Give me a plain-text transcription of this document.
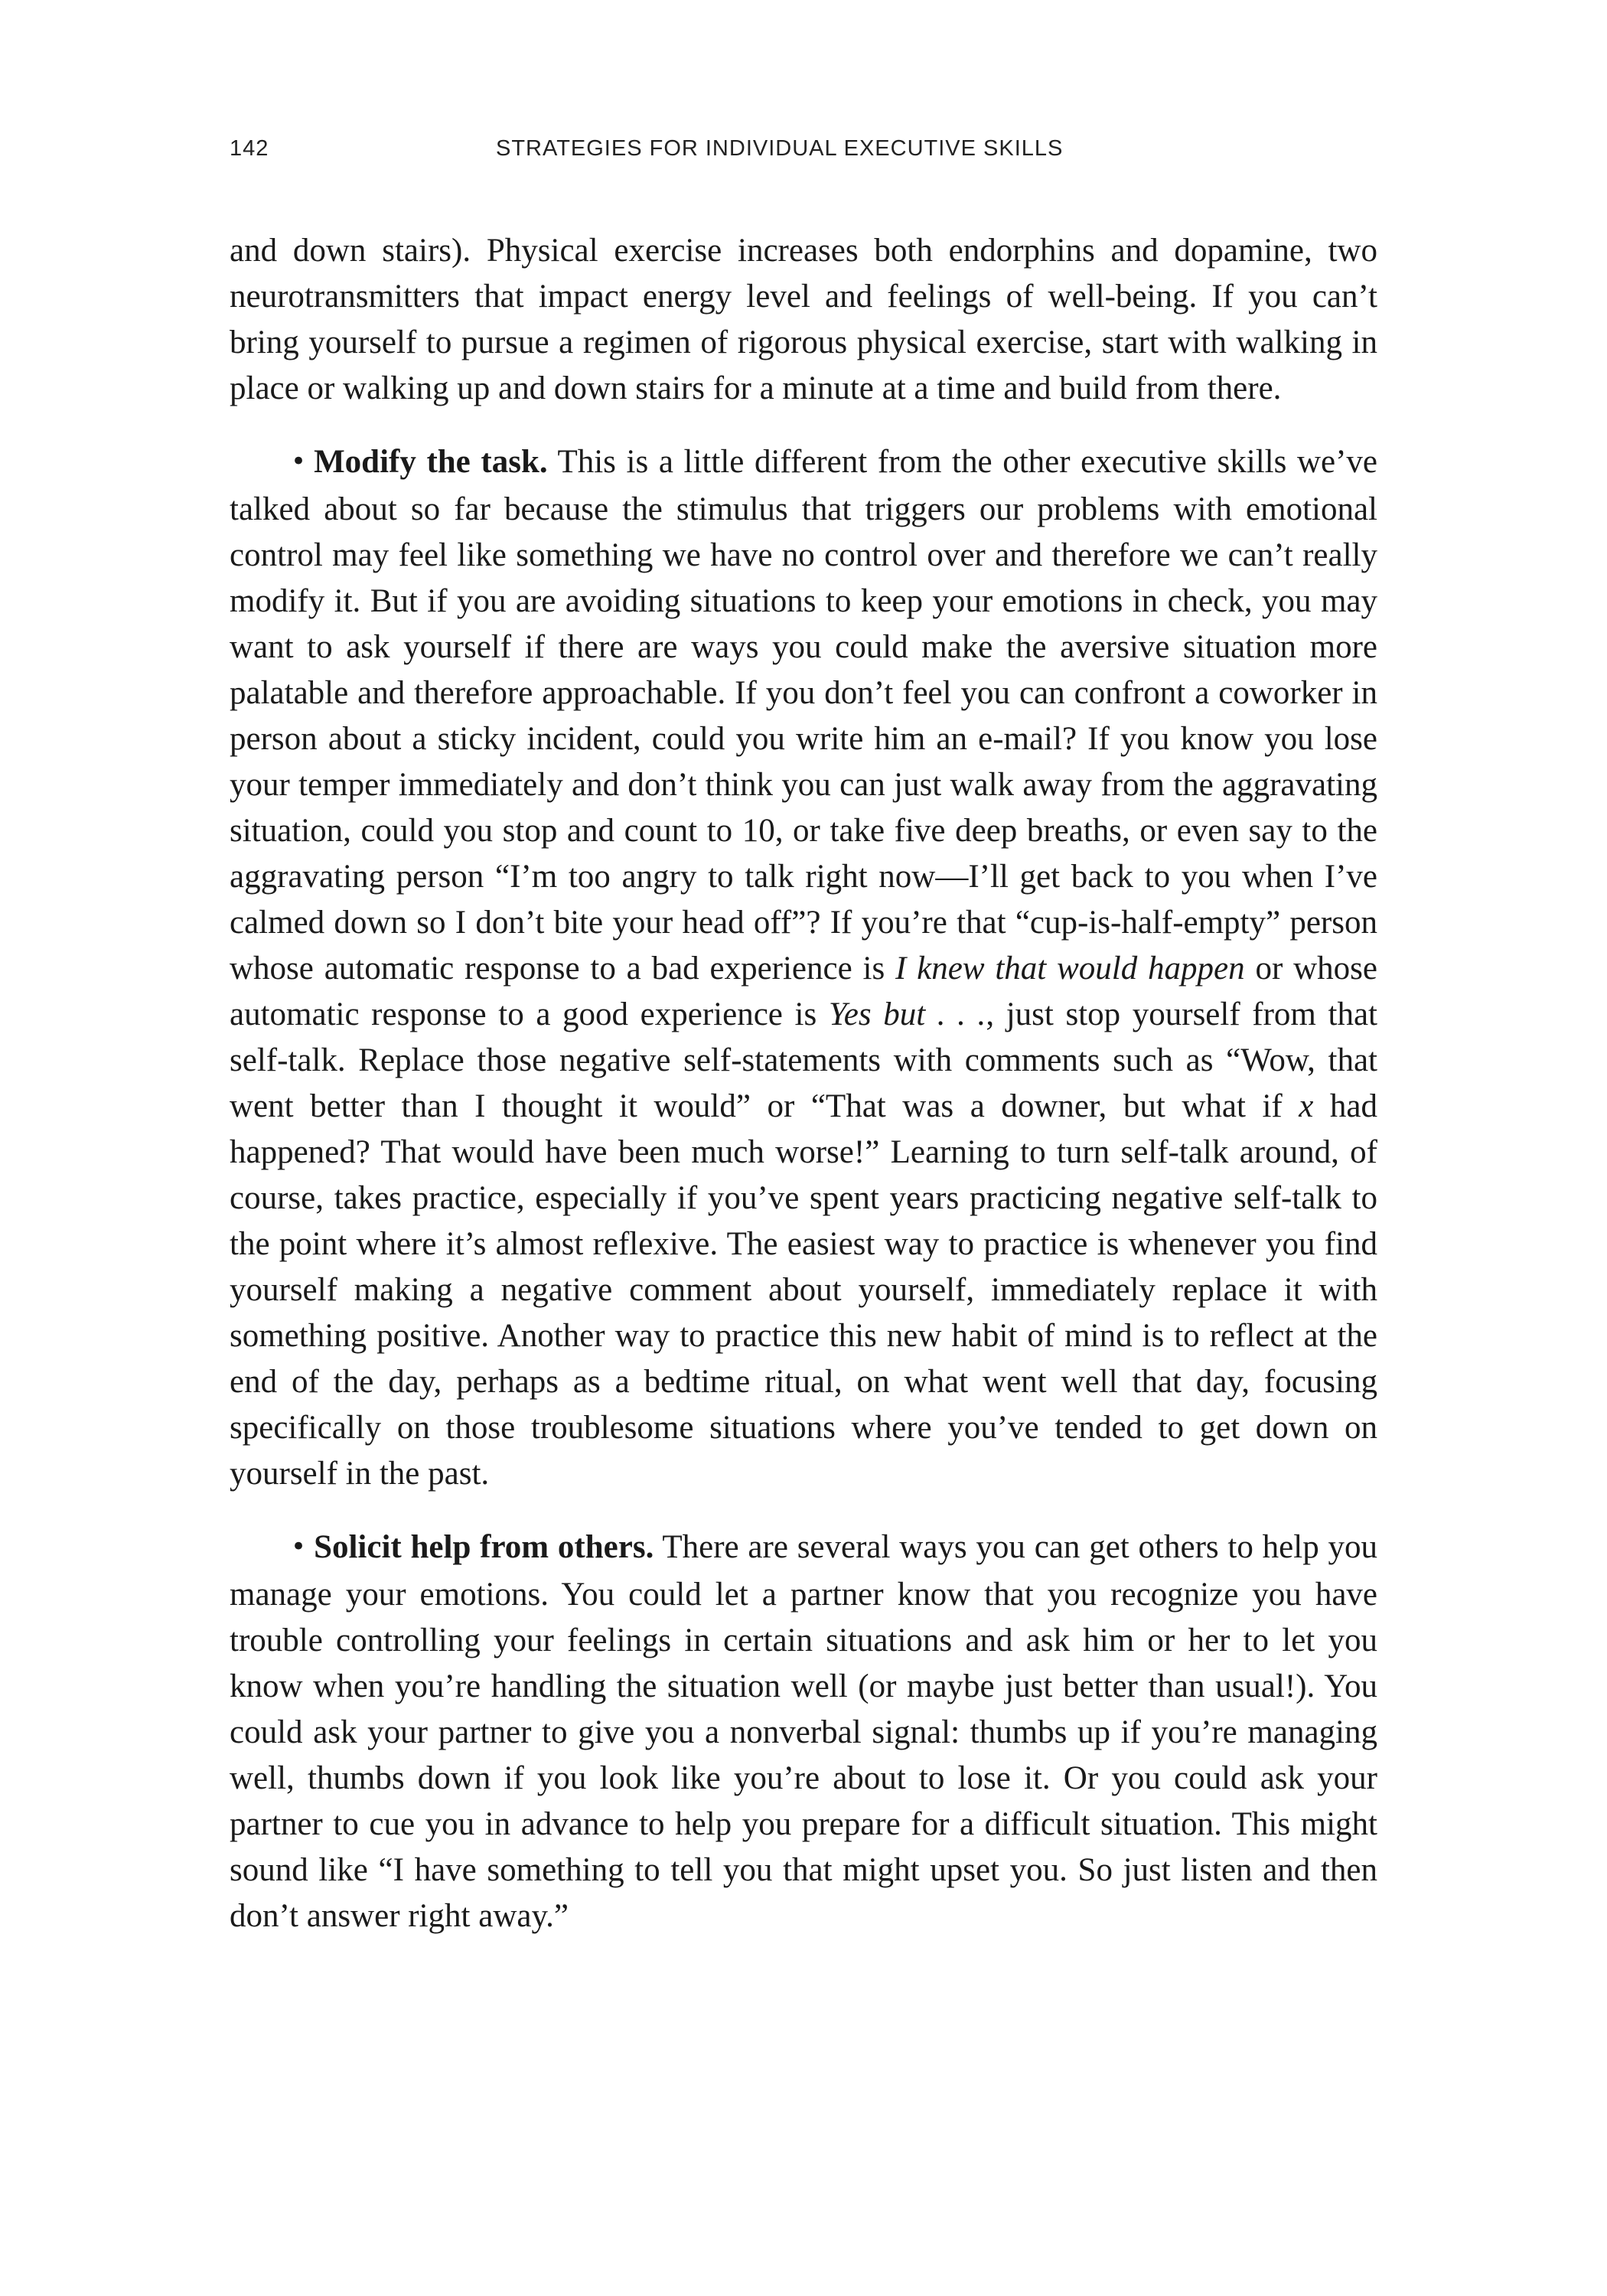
142	STRATEGIES FOR INDIVIDUAL EXECUTIVE SKILLS

and down stairs). Physical exercise increases both endorphins and dopamine, two neurotransmitters that impact energy level and feelings of well-being. If you can’t bring yourself to pursue a regimen of rigorous physical exercise, start with walking in place or walking up and down stairs for a minute at a time and build from there.

• Modify the task. This is a little different from the other executive skills we’ve talked about so far because the stimulus that triggers our problems with emotional control may feel like something we have no control over and therefore we can’t really modify it. But if you are avoiding situations to keep your emotions in check, you may want to ask yourself if there are ways you could make the aversive situation more palatable and therefore approachable. If you don’t feel you can confront a coworker in person about a sticky incident, could you write him an e-mail? If you know you lose your temper immediately and don’t think you can just walk away from the aggravating situation, could you stop and count to 10, or take five deep breaths, or even say to the aggravating person “I’m too angry to talk right now—I’ll get back to you when I’ve calmed down so I don’t bite your head off”? If you’re that “cup-is-half-empty” person whose automatic response to a bad experience is I knew that would happen or whose automatic response to a good experience is Yes but . . ., just stop yourself from that self-talk. Replace those negative self-statements with comments such as “Wow, that went better than I thought it would” or “That was a downer, but what if x had happened? That would have been much worse!” Learning to turn self-talk around, of course, takes practice, especially if you’ve spent years practicing negative self-talk to the point where it’s almost reflexive. The easiest way to practice is whenever you find yourself making a negative comment about yourself, immediately replace it with something positive. Another way to practice this new habit of mind is to reflect at the end of the day, perhaps as a bedtime ritual, on what went well that day, focusing specifically on those troublesome situations where you’ve tended to get down on yourself in the past.

• Solicit help from others. There are several ways you can get others to help you manage your emotions. You could let a partner know that you recognize you have trouble controlling your feelings in certain situations and ask him or her to let you know when you’re handling the situation well (or maybe just better than usual!). You could ask your partner to give you a nonverbal signal: thumbs up if you’re managing well, thumbs down if you look like you’re about to lose it. Or you could ask your partner to cue you in advance to help you prepare for a difficult situation. This might sound like “I have something to tell you that might upset you. So just listen and then don’t answer right away.”
